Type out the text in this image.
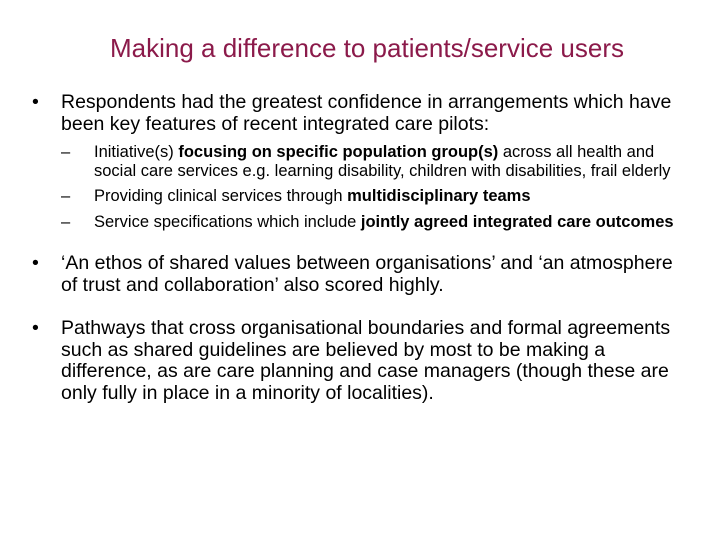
Making a difference to patients/service users
•	Respondents had the greatest confidence in arrangements which have been key features of recent integrated care pilots:
– Initiative(s) focusing on specific population group(s) across all health and social care services e.g. learning disability, children with disabilities, frail elderly
– Providing clinical services through multidisciplinary teams
– Service specifications which include jointly agreed integrated care outcomes
•	‘An ethos of shared values between organisations’ and ‘an atmosphere of trust and collaboration’ also scored highly.
•	Pathways that cross organisational boundaries and formal agreements such as shared guidelines are believed by most to be making a difference, as are care planning and case managers (though these are only fully in place in a minority of localities).
